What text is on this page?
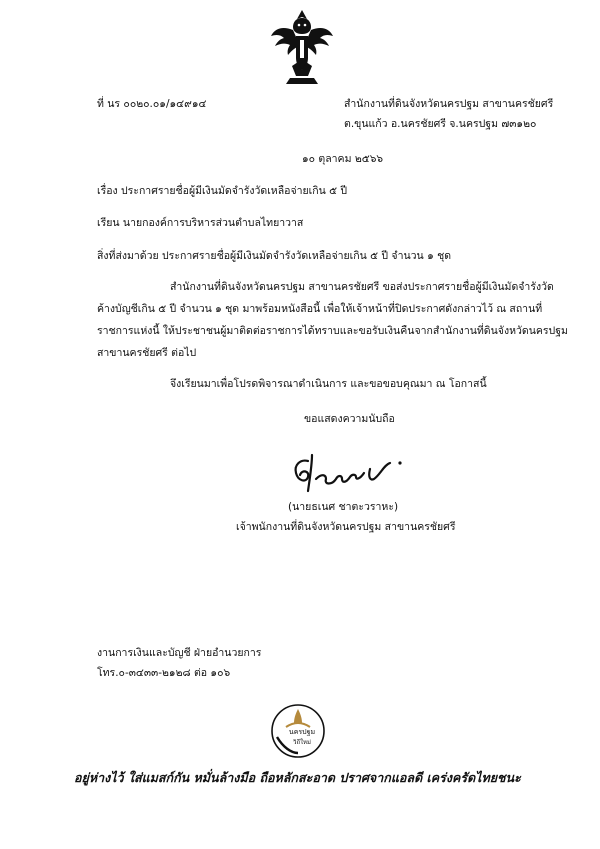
ที่ นร ๐๐๒๐.๐๑/๑๔๙๑๔	สำนักงานที่ดินจังหวัดนครปฐม สาขานครชัยศรี
ต.ขุนแก้ว อ.นครชัยศรี จ.นครปฐม ๗๓๑๒๐
๑๐ ตุลาคม ๒๕๖๖
เรื่อง ประกาศรายชื่อผู้มีเงินมัดจำรังวัดเหลือจ่ายเกิน ๕ ปี
เรียน นายกองค์การบริหารส่วนตำบลไทยาวาส
สิ่งที่ส่งมาด้วย ประกาศรายชื่อผู้มีเงินมัดจำรังวัดเหลือจ่ายเกิน ๕ ปี จำนวน ๑ ชุด
สำนักงานที่ดินจังหวัดนครปฐม สาขานครชัยศรี ขอส่งประกาศรายชื่อผู้มีเงินมัดจำรังวัด
ค้างบัญชีเกิน ๕ ปี จำนวน ๑ ชุด มาพร้อมหนังสือนี้ เพื่อให้เจ้าหน้าที่ปิดประกาศดังกล่าวไว้ ณ สถานที่
ราชการแห่งนี้ ให้ประชาชนผู้มาติดต่อราชการได้ทราบและขอรับเงินคืนจากสำนักงานที่ดินจังหวัดนครปฐม
สาขานครชัยศรี ต่อไป
จึงเรียนมาเพื่อโปรดพิจารณาดำเนินการ และขอขอบคุณมา ณ โอกาสนี้
ขอแสดงความนับถือ
(นายธเนศ ชาตะวราหะ)
เจ้าพนักงานที่ดินจังหวัดนครปฐม สาขานครชัยศรี
งานการเงินและบัญชี ฝ่ายอำนวยการ
โทร.๐-๓๔๓๓-๒๑๒๘ ต่อ ๑๐๖
นครปฐม
วิถีใหม่
อยู่ห่างไว้ ใส่แมสก์กัน หมั่นล้างมือ ถือหลักสะอาด ปราศจากแอลดี เคร่งครัดไทยชนะ
